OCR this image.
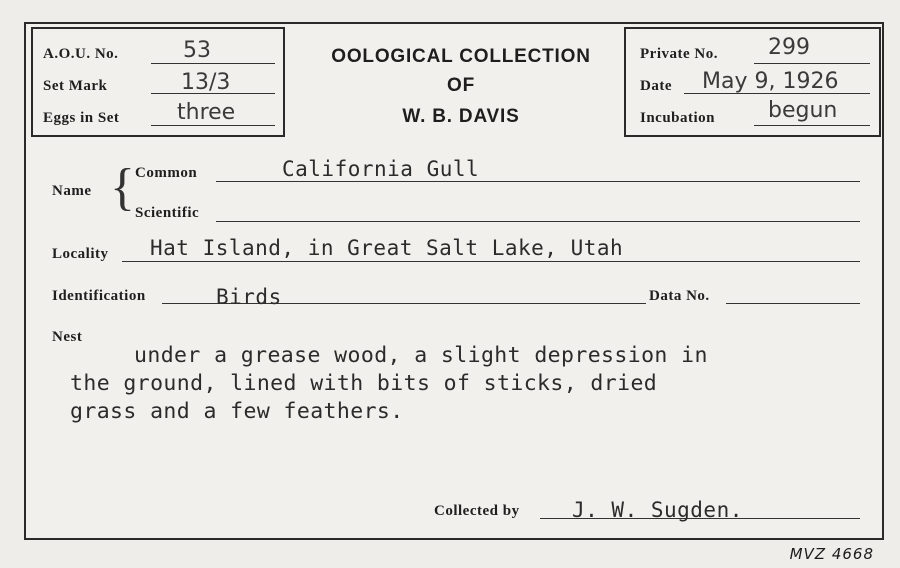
A.O.U. No.	53
Set Mark	13/3
Eggs in Set	three
OOLOGICAL COLLECTION
OF
W. B. DAVIS
Private No. 299
Date May 9, 1926
Incubation begun
Name { Common	California Gull
Scientific
Locality Hat Island, in Great Salt Lake, Utah
Identification	Birds	Data No.
Nest
under a grease wood, a slight depression in
the ground, lined with bits of sticks, dried
grass and a few feathers.
Collected by J. W. Sugden.
MVZ 4668
